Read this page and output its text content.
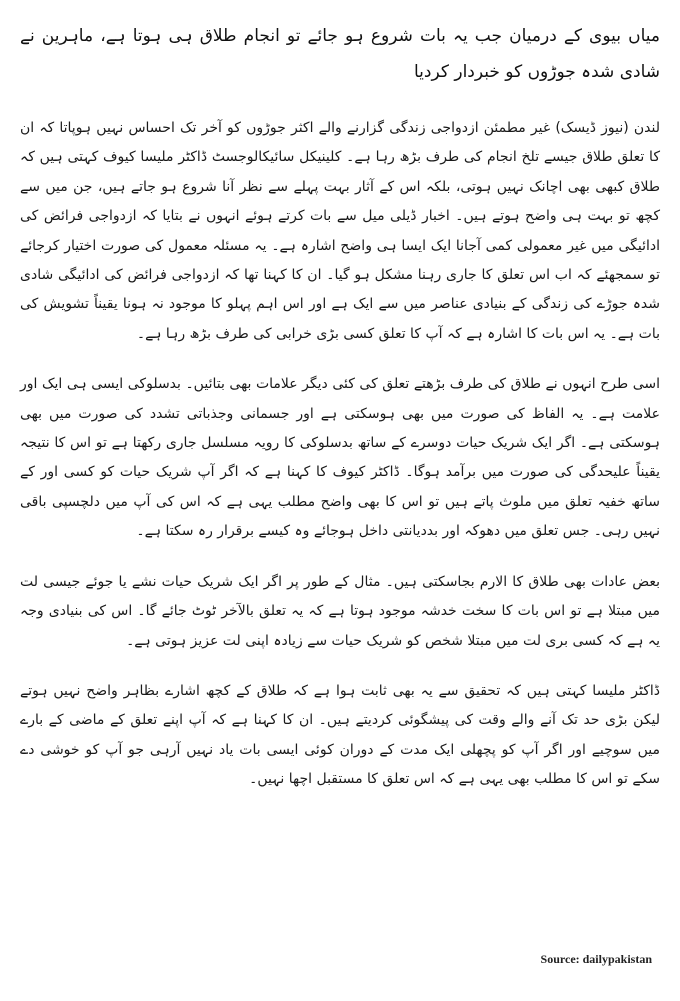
میاں بیوی کے درمیان جب یہ بات شروع ہو جائے تو انجام طلاق ہی ہوتا ہے، ماہرین نے شادی شدہ جوڑوں کو خبردار کردیا

لندن (نیوز ڈیسک) غیر مطمئن ازدواجی زندگی گزارنے والے اکثر جوڑوں کو آخر تک احساس نہیں ہوپاتا کہ ان کا تعلق طلاق جیسے تلخ انجام کی طرف بڑھ رہا ہے۔ کلینیکل سائیکالوجسٹ ڈاکٹر ملیسا کیوف کہتی ہیں کہ طلاق کبھی بھی اچانک نہیں ہوتی، بلکہ اس کے آثار بہت پہلے سے نظر آنا شروع ہو جاتے ہیں، جن میں سے کچھ تو بہت ہی واضح ہوتے ہیں۔ اخبار ڈیلی میل سے بات کرتے ہوئے انہوں نے بتایا کہ ازدواجی فرائض کی ادائیگی میں غیر معمولی کمی آجانا ایک ایسا ہی واضح اشارہ ہے۔ یہ مسئلہ معمول کی صورت اختیار کرجائے تو سمجھئے کہ اب اس تعلق کا جاری رہنا مشکل ہو گیا۔ ان کا کہنا تھا کہ ازدواجی فرائض کی ادائیگی شادی شدہ جوڑے کی زندگی کے بنیادی عناصر میں سے ایک ہے اور اس اہم پہلو کا موجود نہ ہونا یقیناً تشویش کی بات ہے۔ یہ اس بات کا اشارہ ہے کہ آپ کا تعلق کسی بڑی خرابی کی طرف بڑھ رہا ہے۔

اسی طرح انہوں نے طلاق کی طرف بڑھتے تعلق کی کئی دیگر علامات بھی بتائیں۔ بدسلوکی ایسی ہی ایک اور علامت ہے۔ یہ الفاظ کی صورت میں بھی ہوسکتی ہے اور جسمانی وجذباتی تشدد کی صورت میں بھی ہوسکتی ہے۔ اگر ایک شریک حیات دوسرے کے ساتھ بدسلوکی کا رویہ مسلسل جاری رکھتا ہے تو اس کا نتیجہ یقیناً علیحدگی کی صورت میں برآمد ہوگا۔ ڈاکٹر کیوف کا کہنا ہے کہ اگر آپ شریک حیات کو کسی اور کے ساتھ خفیہ تعلق میں ملوث پاتے ہیں تو اس کا بھی واضح مطلب یہی ہے کہ اس کی آپ میں دلچسپی باقی نہیں رہی۔ جس تعلق میں دھوکہ اور بددیانتی داخل ہوجائے وہ کیسے برقرار رہ سکتا ہے۔

بعض عادات بھی طلاق کا الارم بجاسکتی ہیں۔ مثال کے طور پر اگر ایک شریک حیات نشے یا جوئے جیسی لت میں مبتلا ہے تو اس بات کا سخت خدشہ موجود ہوتا ہے کہ یہ تعلق بالآخر ٹوٹ جائے گا۔ اس کی بنیادی وجہ یہ ہے کہ کسی بری لت میں مبتلا شخص کو شریک حیات سے زیادہ اپنی لت عزیز ہوتی ہے۔

ڈاکٹر ملیسا کہتی ہیں کہ تحقیق سے یہ بھی ثابت ہوا ہے کہ طلاق کے کچھ اشارے بظاہر واضح نہیں ہوتے لیکن بڑی حد تک آنے والے وقت کی پیشگوئی کردیتے ہیں۔ ان کا کہنا ہے کہ آپ اپنے تعلق کے ماضی کے بارے میں سوچیے اور اگر آپ کو پچھلی ایک مدت کے دوران کوئی ایسی بات یاد نہیں آرہی جو آپ کو خوشی دے سکے تو اس کا مطلب بھی یہی ہے کہ اس تعلق کا مستقبل اچھا نہیں۔

Source: dailypakistan
